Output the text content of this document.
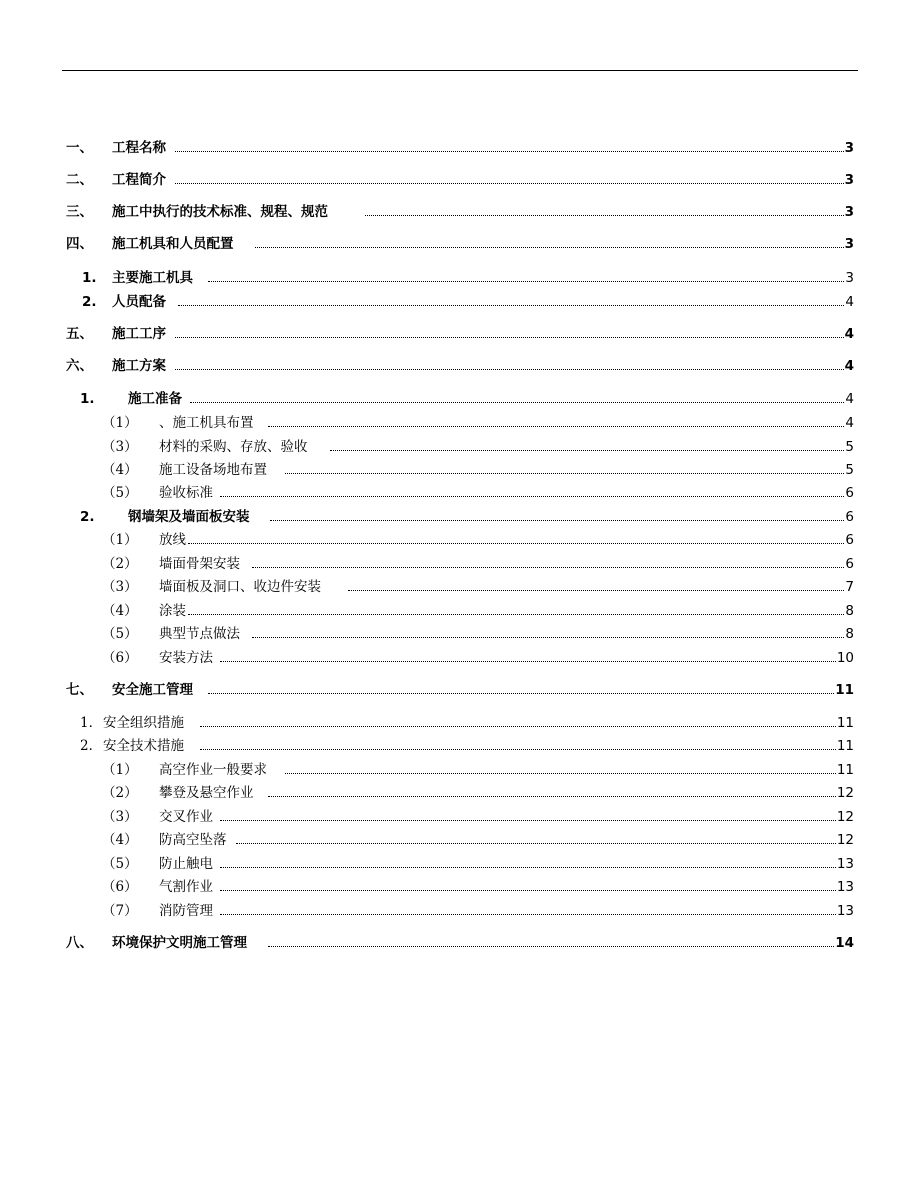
一、 工程名称	3
二、 工程简介	3
三、 施工中执行的技术标准、规程、规范	3
四、 施工机具和人员配置	3
1. 主要施工机具	3
2. 人员配备	4
五、 施工工序	4
六、 施工方案	4
1. 施工准备	4
（1） 、施工机具布置	4
（3） 材料的采购、存放、验收	5
（4） 施工设备场地布置	5
（5） 验收标准	6
2. 钢墙架及墙面板安装	6
（1） 放线	6
（2） 墙面骨架安装	6
（3） 墙面板及洞口、收边件安装	7
（4） 涂装	8
（5） 典型节点做法	8
（6） 安装方法	10
七、 安全施工管理	11
1． 安全组织措施	11
2． 安全技术措施	11
（1） 高空作业一般要求	11
（2） 攀登及悬空作业	12
（3） 交叉作业	12
（4） 防高空坠落	12
（5） 防止触电	13
（6） 气割作业	13
（7） 消防管理	13
八、 环境保护文明施工管理	14
